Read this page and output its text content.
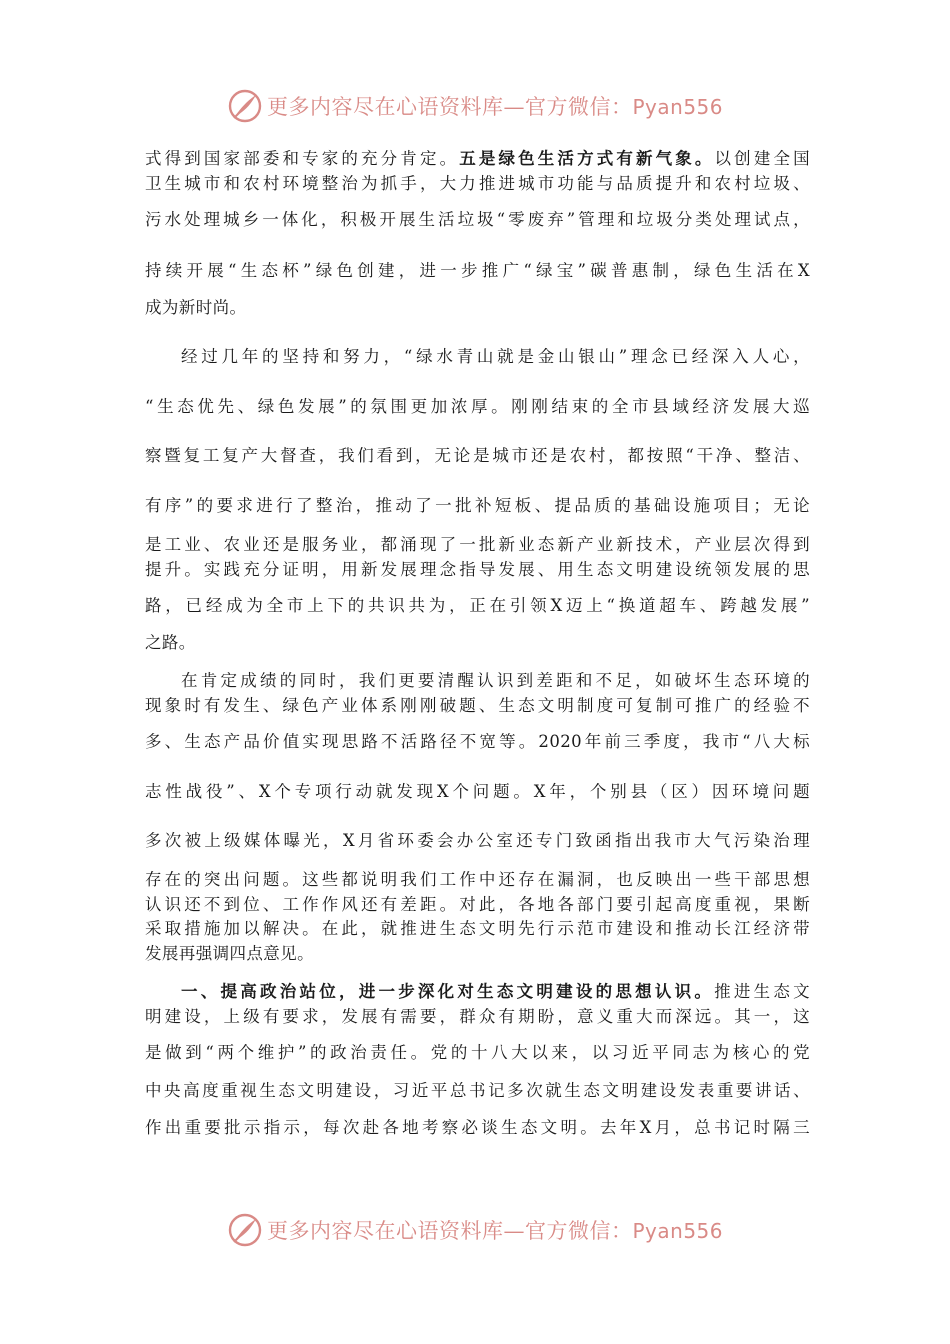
更多内容尽在心语资料库—官方微信：Pyan556
式得到国家部委和专家的充分肯定。五是绿色生活方式有新气象。以创建全国
卫生城市和农村环境整治为抓手，大力推进城市功能与品质提升和农村垃圾、
污水处理城乡一体化，积极开展生活垃圾“零废弃”管理和垃圾分类处理试点，
持续开展“生态杯”绿色创建，进一步推广“绿宝”碳普惠制，绿色生活在X
成为新时尚。
经过几年的坚持和努力，“绿水青山就是金山银山”理念已经深入人心，
“生态优先、绿色发展”的氛围更加浓厚。刚刚结束的全市县域经济发展大巡
察暨复工复产大督查，我们看到，无论是城市还是农村，都按照“干净、整洁、
有序”的要求进行了整治，推动了一批补短板、提品质的基础设施项目；无论
是工业、农业还是服务业，都涌现了一批新业态新产业新技术，产业层次得到
提升。实践充分证明，用新发展理念指导发展、用生态文明建设统领发展的思
路，已经成为全市上下的共识共为，正在引领X迈上“换道超车、跨越发展”
之路。
在肯定成绩的同时，我们更要清醒认识到差距和不足，如破坏生态环境的
现象时有发生、绿色产业体系刚刚破题、生态文明制度可复制可推广的经验不
多、生态产品价值实现思路不活路径不宽等。2020年前三季度，我市“八大标
志性战役”、X个专项行动就发现X个问题。X年，个别县（区）因环境问题
多次被上级媒体曝光，X月省环委会办公室还专门致函指出我市大气污染治理
存在的突出问题。这些都说明我们工作中还存在漏洞，也反映出一些干部思想
认识还不到位、工作作风还有差距。对此，各地各部门要引起高度重视，果断
采取措施加以解决。在此，就推进生态文明先行示范市建设和推动长江经济带
发展再强调四点意见。
一、提高政治站位，进一步深化对生态文明建设的思想认识。推进生态文
明建设，上级有要求，发展有需要，群众有期盼，意义重大而深远。其一，这
是做到“两个维护”的政治责任。党的十八大以来，以习近平同志为核心的党
中央高度重视生态文明建设，习近平总书记多次就生态文明建设发表重要讲话、
作出重要批示指示，每次赴各地考察必谈生态文明。去年X月，总书记时隔三
更多内容尽在心语资料库—官方微信：Pyan556
